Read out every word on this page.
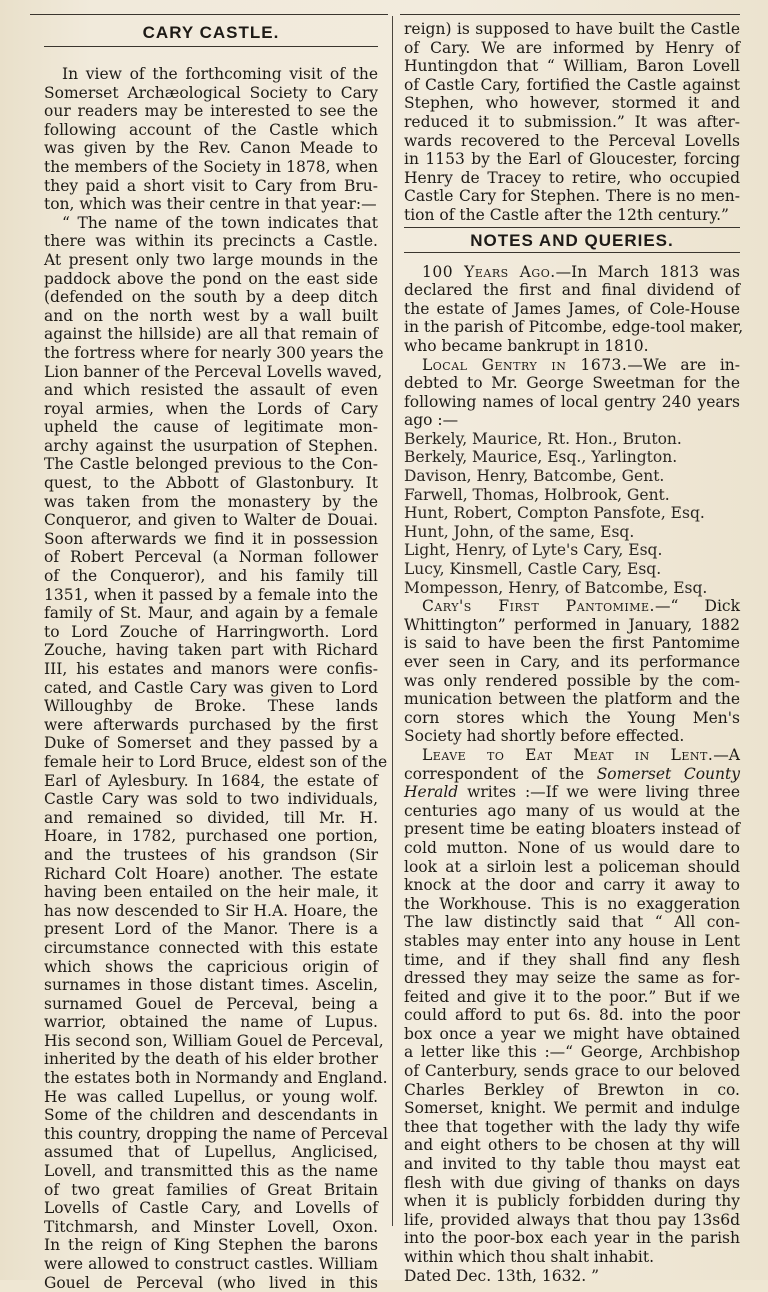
CARY CASTLE.
In view of the forthcoming visit of the
Somerset Archæological Society to Cary
our readers may be interested to see the
following account of the Castle which
was given by the Rev. Canon Meade to
the members of the Society in 1878, when
they paid a short visit to Cary from Bru-
ton, which was their centre in that year:—
“ The name of the town indicates that
there was within its precincts a Castle.
At present only two large mounds in the
paddock above the pond on the east side
(defended on the south by a deep ditch
and on the north west by a wall built
against the hillside) are all that remain of
the fortress where for nearly 300 years the
Lion banner of the Perceval Lovells waved,
and which resisted the assault of even
royal armies, when the Lords of Cary
upheld the cause of legitimate mon-
archy against the usurpation of Stephen.
The Castle belonged previous to the Con-
quest, to the Abbott of Glastonbury. It
was taken from the monastery by the
Conqueror, and given to Walter de Douai.
Soon afterwards we find it in possession
of Robert Perceval (a Norman follower
of the Conqueror), and his family till
1351, when it passed by a female into the
family of St. Maur, and again by a female
to Lord Zouche of Harringworth. Lord
Zouche, having taken part with Richard
III, his estates and manors were confis-
cated, and Castle Cary was given to Lord
Willoughby de Broke. These lands
were afterwards purchased by the first
Duke of Somerset and they passed by a
female heir to Lord Bruce, eldest son of the
Earl of Aylesbury. In 1684, the estate of
Castle Cary was sold to two individuals,
and remained so divided, till Mr. H.
Hoare, in 1782, purchased one portion,
and the trustees of his grandson (Sir
Richard Colt Hoare) another. The estate
having been entailed on the heir male, it
has now descended to Sir H.A. Hoare, the
present Lord of the Manor. There is a
circumstance connected with this estate
which shows the capricious origin of
surnames in those distant times. Ascelin,
surnamed Gouel de Perceval, being a
warrior, obtained the name of Lupus.
His second son, William Gouel de Perceval,
inherited by the death of his elder brother
the estates both in Normandy and England.
He was called Lupellus, or young wolf.
Some of the children and descendants in
this country, dropping the name of Perceval
assumed that of Lupellus, Anglicised,
Lovell, and transmitted this as the name
of two great families of Great Britain
Lovells of Castle Cary, and Lovells of
Titchmarsh, and Minster Lovell, Oxon.
In the reign of King Stephen the barons
were allowed to construct castles. William
Gouel de Perceval (who lived in this
reign) is supposed to have built the Castle
of Cary. We are informed by Henry of
Huntingdon that “ William, Baron Lovell
of Castle Cary, fortified the Castle against
Stephen, who however, stormed it and
reduced it to submission.” It was after-
wards recovered to the Perceval Lovells
in 1153 by the Earl of Gloucester, forcing
Henry de Tracey to retire, who occupied
Castle Cary for Stephen. There is no men-
tion of the Castle after the 12th century.”
NOTES AND QUERIES.
100 Years Ago.—In March 1813 was
declared the first and final dividend of
the estate of James James, of Cole-House
in the parish of Pitcombe, edge-tool maker,
who became bankrupt in 1810.
Local Gentry in 1673.—We are in-
debted to Mr. George Sweetman for the
following names of local gentry 240 years
ago :—
Berkely, Maurice, Rt. Hon., Bruton.
Berkely, Maurice, Esq., Yarlington.
Davison, Henry, Batcombe, Gent.
Farwell, Thomas, Holbrook, Gent.
Hunt, Robert, Compton Pansfote, Esq.
Hunt, John, of the same, Esq.
Light, Henry, of Lyte's Cary, Esq.
Lucy, Kinsmell, Castle Cary, Esq.
Mompesson, Henry, of Batcombe, Esq.
Cary's First Pantomime.—“ Dick
Whittington” performed in January, 1882
is said to have been the first Pantomime
ever seen in Cary, and its performance
was only rendered possible by the com-
munication between the platform and the
corn stores which the Young Men's
Society had shortly before effected.
Leave to Eat Meat in Lent.—A
correspondent of the Somerset County
Herald writes :—If we were living three
centuries ago many of us would at the
present time be eating bloaters instead of
cold mutton. None of us would dare to
look at a sirloin lest a policeman should
knock at the door and carry it away to
the Workhouse. This is no exaggeration
The law distinctly said that “ All con-
stables may enter into any house in Lent
time, and if they shall find any flesh
dressed they may seize the same as for-
feited and give it to the poor.” But if we
could afford to put 6s. 8d. into the poor
box once a year we might have obtained
a letter like this :—“ George, Archbishop
of Canterbury, sends grace to our beloved
Charles Berkley of Brewton in co.
Somerset, knight. We permit and indulge
thee that together with the lady thy wife
and eight others to be chosen at thy will
and invited to thy table thou mayst eat
flesh with due giving of thanks on days
when it is publicly forbidden during thy
life, provided always that thou pay 13s6d
into the poor-box each year in the parish
within which thou shalt inhabit.
Dated Dec. 13th, 1632. ”
